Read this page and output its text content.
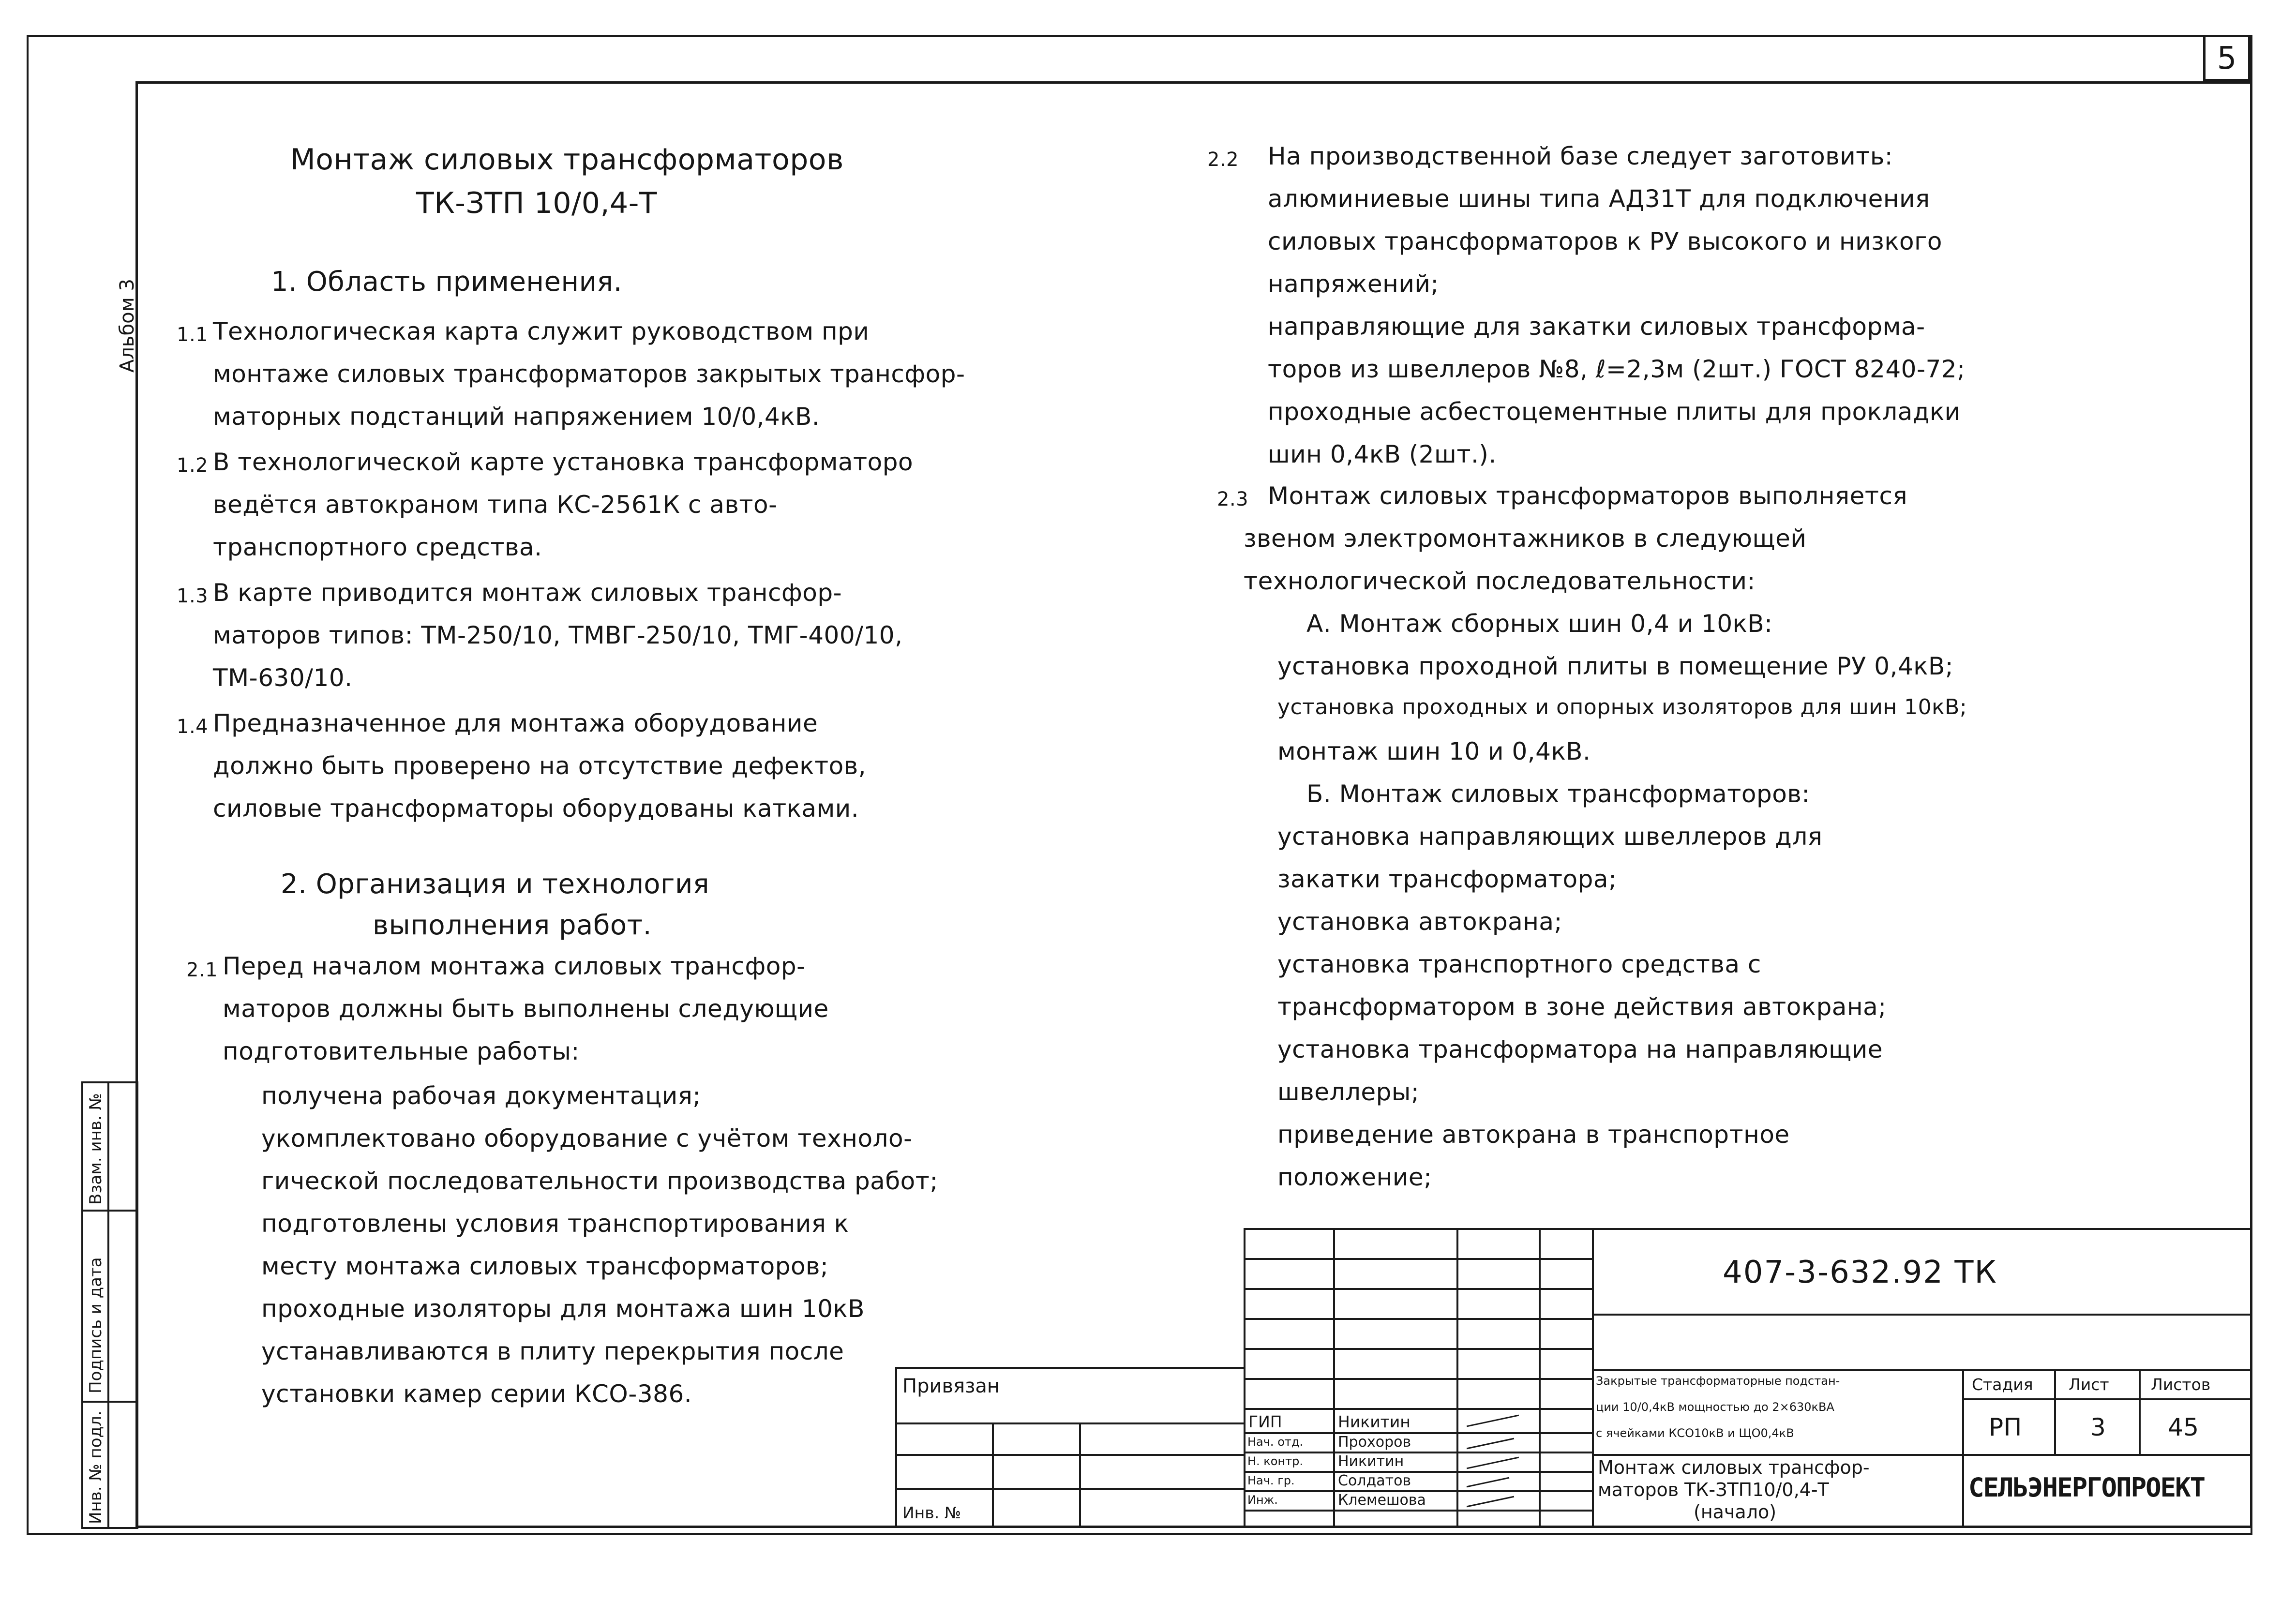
5
Альбом 3
Инв. № подл.
Подпись и дата
Взам. инв. №
Монтаж силовых трансформаторов
ТК-ЗТП 10/0,4-Т
1. Область применения.
1.1 Технологическая карта служит руководством при
монтаже силовых трансформаторов закрытых трансфор-
маторных подстанций напряжением 10/0,4кВ.
1.2 В технологической карте установка трансформаторо
ведётся автокраном типа КС-2561К с авто-
транспортного средства.
1.3 В карте приводится монтаж силовых трансфор-
маторов типов: ТМ-250/10, ТМВГ-250/10, ТМГ-400/10,
ТМ-630/10.
1.4 Предназначенное для монтажа оборудование
должно быть проверено на отсутствие дефектов,
силовые трансформаторы оборудованы катками.
2. Организация и технология
выполнения работ.
2.1 Перед началом монтажа силовых трансфор-
маторов должны быть выполнены следующие
подготовительные работы:
получена рабочая документация;
укомплектовано оборудование с учётом техноло-
гической последовательности производства работ;
подготовлены условия транспортирования к
месту монтажа силовых трансформаторов;
проходные изоляторы для монтажа шин 10кВ
устанавливаются в плиту перекрытия после
установки камер серии КСО-386.
2.2 На производственной базе следует заготовить:
алюминиевые шины типа АД31Т для подключения
силовых трансформаторов к РУ высокого и низкого
напряжений;
направляющие для закатки силовых трансформа-
торов из швеллеров №8, ℓ=2,3м (2шт.) ГОСТ 8240-72;
проходные асбестоцементные плиты для прокладки
шин 0,4кВ (2шт.).
2.3 Монтаж силовых трансформаторов выполняется
звеном электромонтажников в следующей
технологической последовательности:
А. Монтаж сборных шин 0,4 и 10кВ:
установка проходной плиты в помещение РУ 0,4кВ;
установка проходных и опорных изоляторов для шин 10кВ;
монтаж шин 10 и 0,4кВ.
Б. Монтаж силовых трансформаторов:
установка направляющих швеллеров для
закатки трансформатора;
установка автокрана;
установка транспортного средства с
трансформатором в зоне действия автокрана;
установка трансформатора на направляющие
швеллеры;
приведение автокрана в транспортное
положение;
Привязан
Инв. №
ГИП	Никитин
Нач. отд. Прохоров
Н. контр. Никитин
Нач. гр.	Солдатов
Инж.	Клемешова
407-3-632.92 ТК
Закрытые трансформаторные подстан-
ции 10/0,4кВ мощностью до 2×630кВА
с ячейками КСО10кВ и ЩО0,4кВ
Монтаж силовых трансфор-
маторов ТК-ЗТП10/0,4-Т
(начало)
Стадия Лист	Листов
РП	3	45
СЕЛЬЭНЕРГОПРОЕКТ
